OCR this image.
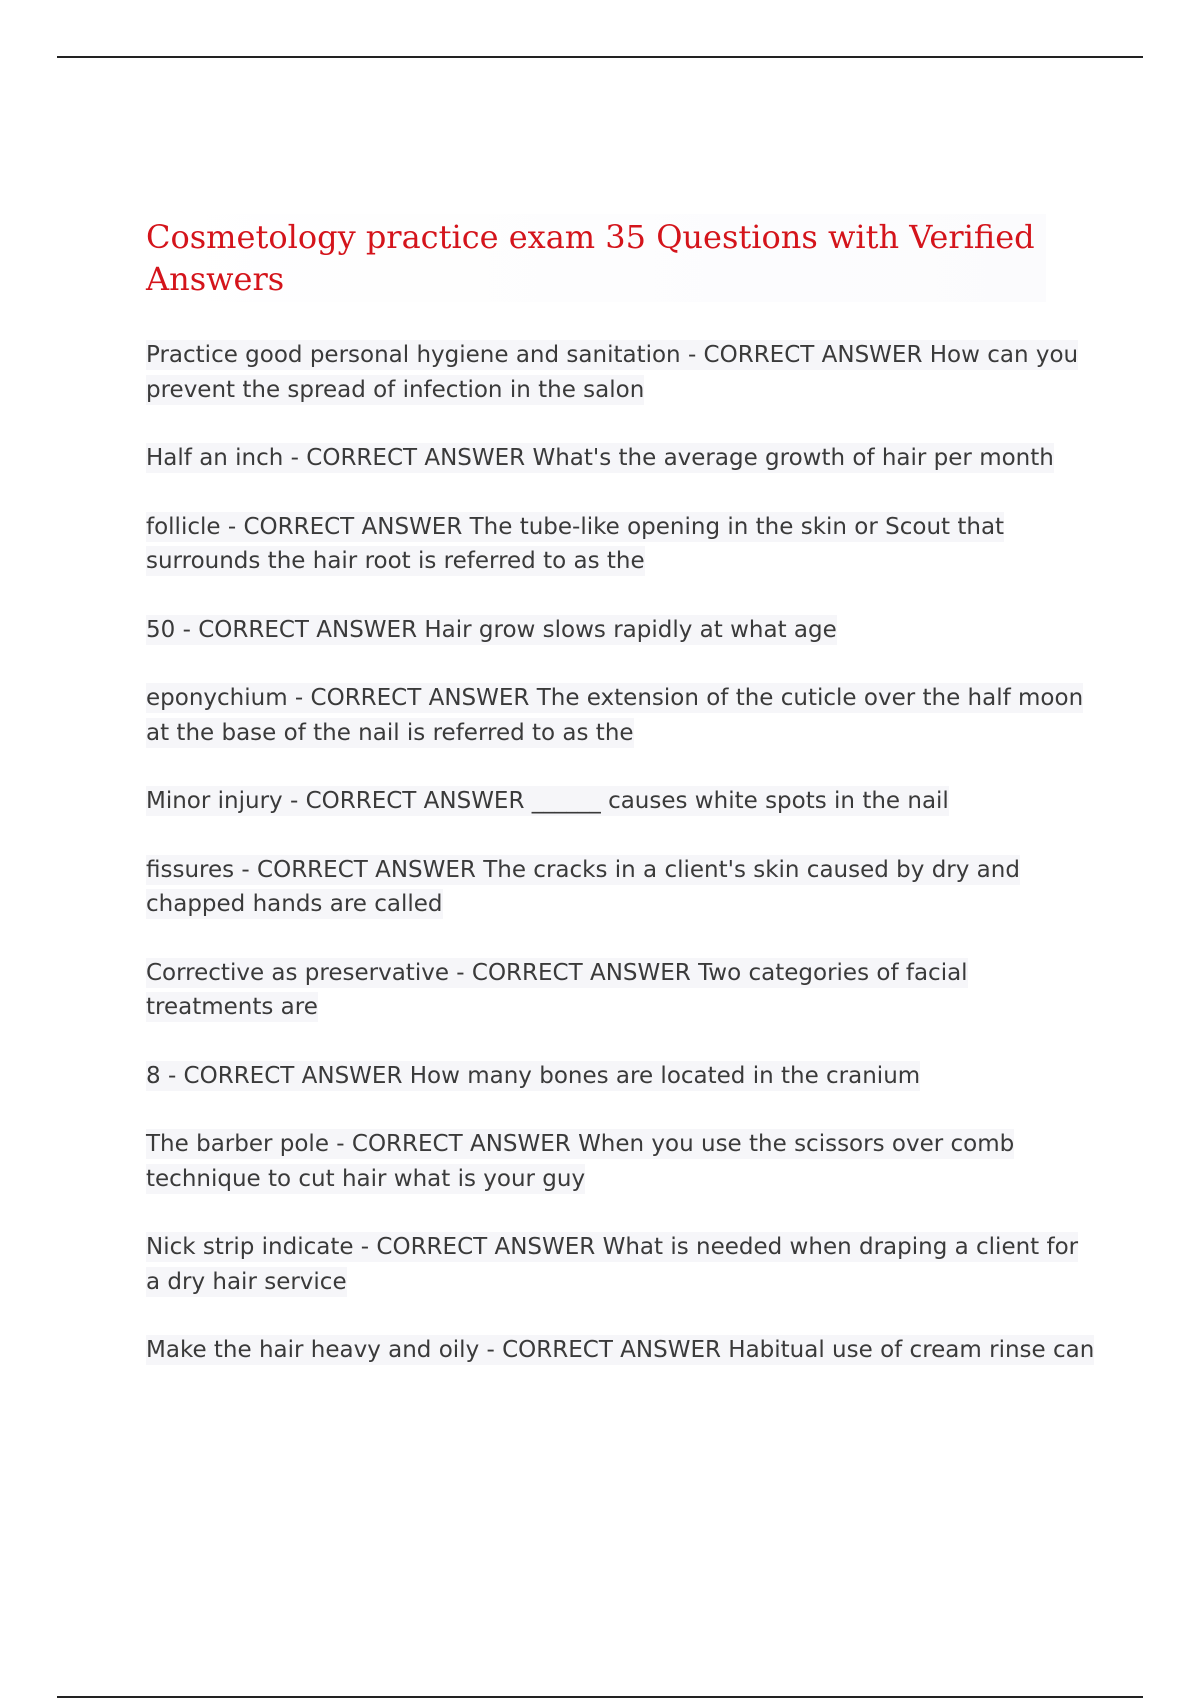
Cosmetology practice exam 35 Questions with Verified Answers
Practice good personal hygiene and sanitation - CORRECT ANSWER How can you prevent the spread of infection in the salon
Half an inch - CORRECT ANSWER What's the average growth of hair per month
follicle - CORRECT ANSWER The tube-like opening in the skin or Scout that surrounds the hair root is referred to as the
50 - CORRECT ANSWER Hair grow slows rapidly at what age
eponychium - CORRECT ANSWER The extension of the cuticle over the half moon at the base of the nail is referred to as the
Minor injury - CORRECT ANSWER ______ causes white spots in the nail
fissures - CORRECT ANSWER The cracks in a client's skin caused by dry and chapped hands are called
Corrective as preservative - CORRECT ANSWER Two categories of facial treatments are
8 - CORRECT ANSWER How many bones are located in the cranium
The barber pole - CORRECT ANSWER When you use the scissors over comb technique to cut hair what is your guy
Nick strip indicate - CORRECT ANSWER What is needed when draping a client for a dry hair service
Make the hair heavy and oily - CORRECT ANSWER Habitual use of cream rinse can
